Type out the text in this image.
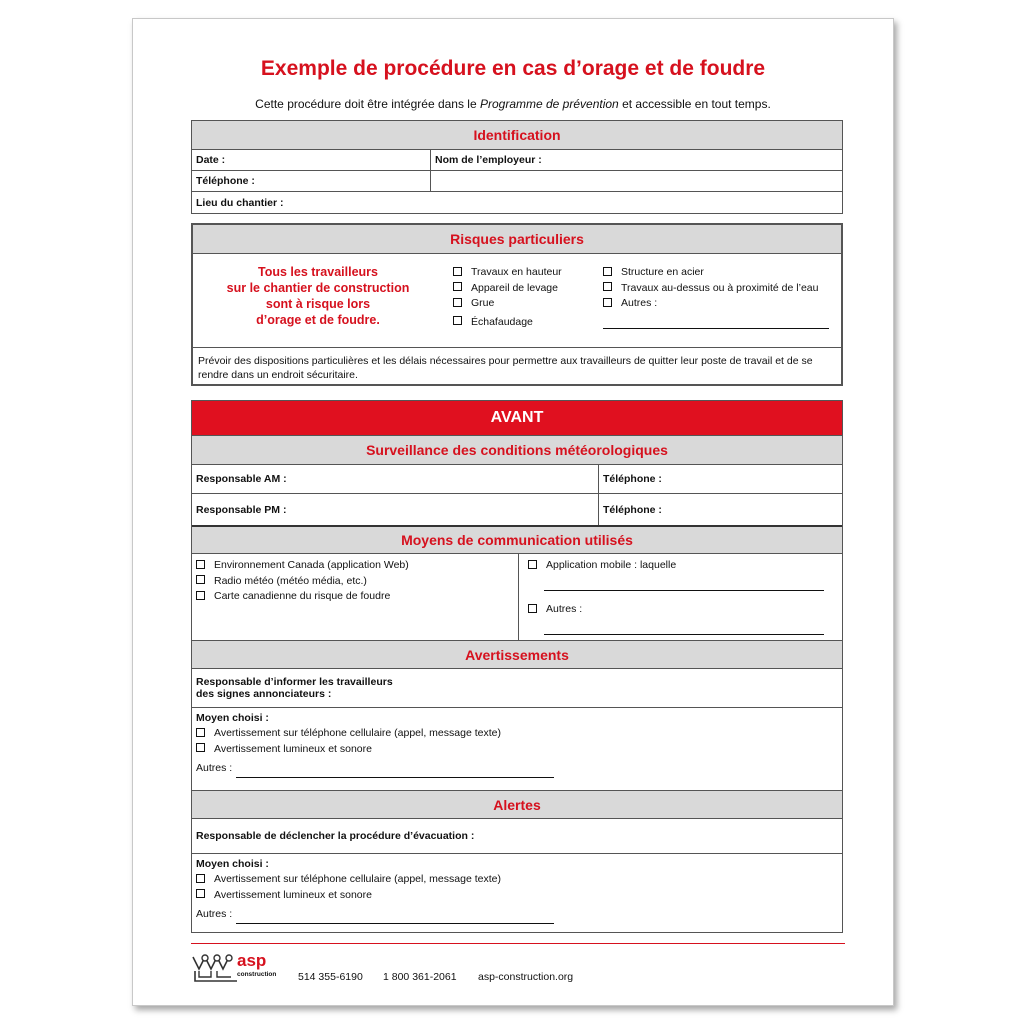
Exemple de procédure en cas d’orage et de foudre
Cette procédure doit être intégrée dans le Programme de prévention et accessible en tout temps.
Identification
Date :	Nom de l’employeur :
Téléphone :
Lieu du chantier :
Risques particuliers
Tous les travailleurs
sur le chantier de construction
sont à risque lors
d’orage et de foudre.
Travaux en hauteur
Appareil de levage
Grue
Échafaudage
Structure en acier
Travaux au-dessus ou à proximité de l’eau
Autres :
Prévoir des dispositions particulières et les délais nécessaires pour permettre aux travailleurs de quitter leur poste de travail et de se rendre dans un endroit sécuritaire.
AVANT
Surveillance des conditions météorologiques
Responsable AM :	Téléphone :
Responsable PM :	Téléphone :
Moyens de communication utilisés
Environnement Canada (application Web)
Radio météo (météo média, etc.)
Carte canadienne du risque de foudre
Application mobile : laquelle
Autres :
Avertissements
Responsable d’informer les travailleurs
des signes annonciateurs :
Moyen choisi :
Avertissement sur téléphone cellulaire (appel, message texte)
Avertissement lumineux et sonore
Autres :
Alertes
Responsable de déclencher la procédure d’évacuation :
Moyen choisi :
Avertissement sur téléphone cellulaire (appel, message texte)
Avertissement lumineux et sonore
Autres :
asp
construction 514 355-6190 1 800 361-2061 asp-construction.org
